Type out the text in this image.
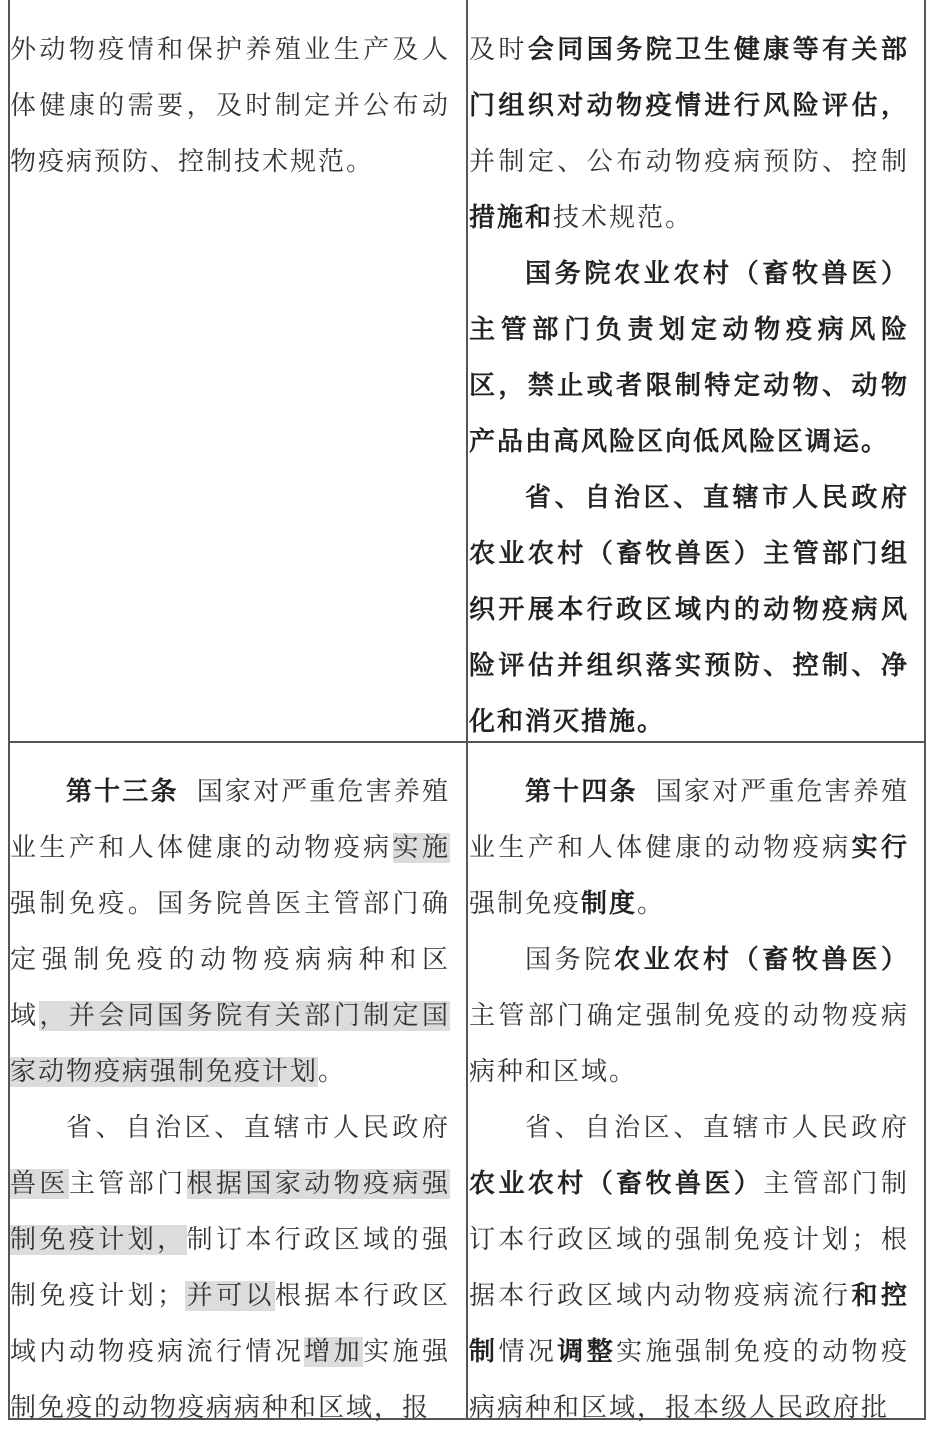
外动物疫情和保护养殖业生产及人体健康的需要，及时制定并公布动物疫病预防、控制技术规范。

及时会同国务院卫生健康等有关部门组织对动物疫情进行风险评估，并制定、公布动物疫病预防、控制措施和技术规范。

国务院农业农村（畜牧兽医）主管部门负责划定动物疫病风险区，禁止或者限制特定动物、动物产品由高风险区向低风险区调运。

省、自治区、直辖市人民政府农业农村（畜牧兽医）主管部门组织开展本行政区域内的动物疫病风险评估并组织落实预防、控制、净化和消灭措施。

第十三条 国家对严重危害养殖业生产和人体健康的动物疫病实施强制免疫。国务院兽医主管部门确定强制免疫的动物疫病病种和区域，并会同国务院有关部门制定国家动物疫病强制免疫计划。

省、自治区、直辖市人民政府兽医主管部门根据国家动物疫病强制免疫计划，制订本行政区域的强制免疫计划；并可以根据本行政区域内动物疫病流行情况增加实施强制免疫的动物疫病病种和区域，报

第十四条 国家对严重危害养殖业生产和人体健康的动物疫病实行强制免疫制度。

国务院农业农村（畜牧兽医）主管部门确定强制免疫的动物疫病病种和区域。

省、自治区、直辖市人民政府农业农村（畜牧兽医）主管部门制订本行政区域的强制免疫计划；根据本行政区域内动物疫病流行和控制情况调整实施强制免疫的动物疫病病种和区域，报本级人民政府批
